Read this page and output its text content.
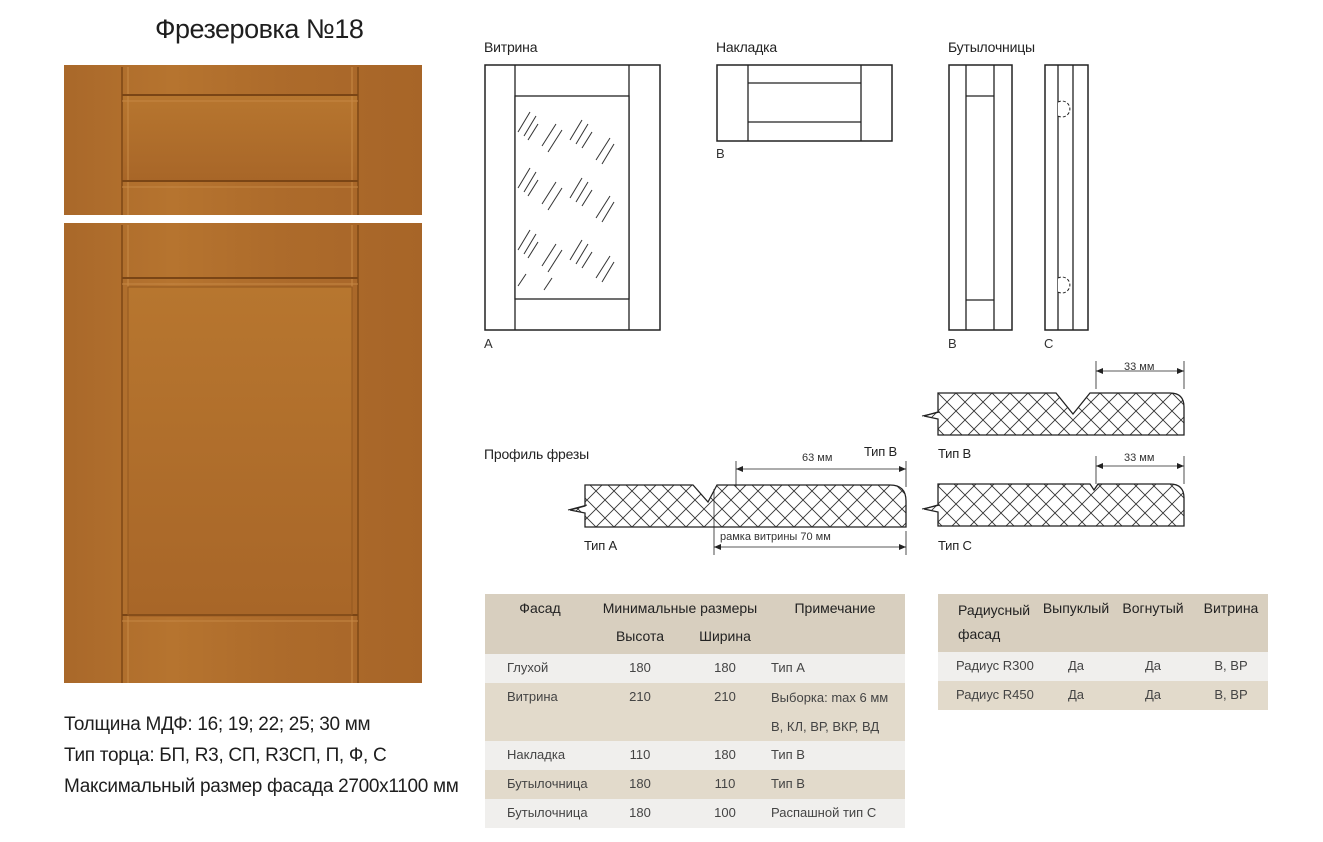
Фрезеровка №18
Толщина МДФ: 16; 19; 22; 25; 30 мм
Тип торца: БП, R3, СП, R3СП, П, Ф, С
Максимальный размер фасада 2700х1100 мм
Витрина	Накладка	Бутылочницы
A
B
B	C
Профиль фрезы	63 мм Тип В
Тип А
рамка витрины 70 мм
33 мм
Тип В	33 мм
Тип С
Фасад	Минимальные размеры		Примечание
	Высота	Ширина	
Глухой	180	180	Тип А
Витрина	210	210	Выборка: max 6 мм
В, КЛ, ВР, ВКР, ВД

Накладка	110	180	Тип В
Бутылочница	180	110	Тип В
Бутылочница	180	100	Распашной тип С
Радиусный
фасад	Выпуклый	Вогнутый	Витрина
Радиус R300	Да	Да	В, ВР
Радиус R450	Да	Да	В, ВР
